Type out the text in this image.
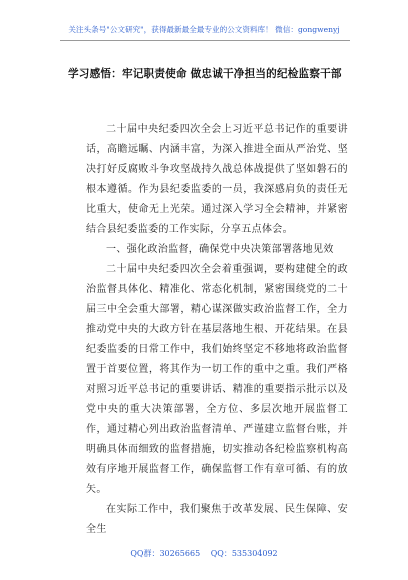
关注头条号"公文研究"，获得最新最全最专业的公文资料库！ 微信：gongwenyj
学习感悟：牢记职责使命 做忠诚干净担当的纪检监察干部

二十届中央纪委四次全会上习近平总书记作的重要讲话，高瞻远瞩、内涵丰富，为深入推进全面从严治党、坚决打好反腐败斗争攻坚战持久战总体战提供了坚如磐石的根本遵循。作为县纪委监委的一员，我深感肩负的责任无比重大，使命无上光荣。通过深入学习全会精神，并紧密结合县纪委监委的工作实际，分享五点体会。

一、强化政治监督，确保党中央决策部署落地见效

二十届中央纪委四次全会着重强调，要构建健全的政治监督具体化、精准化、常态化机制，紧密围绕党的二十届三中全会重大部署，精心谋深做实政治监督工作，全力推动党中央的大政方针在基层落地生根、开花结果。在县纪委监委的日常工作中，我们始终坚定不移地将政治监督置于首要位置，将其作为一切工作的重中之重。我们严格对照习近平总书记的重要讲话、精准的重要指示批示以及党中央的重大决策部署，全方位、多层次地开展监督工作，通过精心列出政治监督清单、严谨建立监督台账，并明确具体而细致的监督措施，切实推动各纪检监察机构高效有序地开展监督工作，确保监督工作有章可循、有的放矢。

在实际工作中，我们聚焦于改革发展、民生保障、安全生

QQ群：30265665 QQ：535304092
